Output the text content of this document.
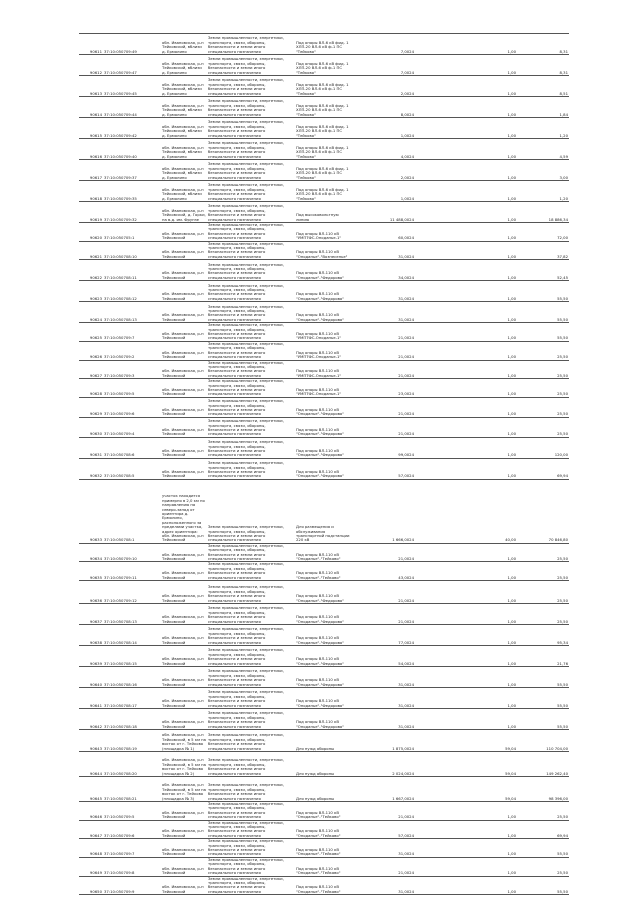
90611	37:10:050709:49	обл. Ивановская, р-н Тейковский, вблизи д. Ермолино	Земли промышленности, энергетики, транспорта, связи, обороны, безопасности и земли иного специального назначения	Под опоры ВЛ-6 кВ фид. 1 ХЛП-20 ВЛ-6 кВ ф-1 ПС "Тейково"	7,0024		1,00	8,31
90612	37:10:050709:47	обл. Ивановская, р-н Тейковский, вблизи д. Ермолино	Земли промышленности, энергетики, транспорта, связи, обороны, безопасности и земли иного специального назначения	Под опоры ВЛ-6 кВ фид. 1 ХЛП-20 ВЛ-6 кВ ф-1 ПС "Тейково"	7,0024		1,00	8,31
90613	37:10:050709:45	обл. Ивановская, р-н Тейковский, вблизи д. Ермолино	Земли промышленности, энергетики, транспорта, связи, обороны, безопасности и земли иного специального назначения	Под опоры ВЛ-6 кВ фид. 1 ХЛП-20 ВЛ-6 кВ ф-1 ПС "Тейково"	2,0024		1,00	8,51
90614	37:10:050709:44	обл. Ивановская, р-н Тейковский, вблизи д. Ермолино	Земли промышленности, энергетики, транспорта, связи, обороны, безопасности и земли иного специального назначения	Под опоры ВЛ-6 кВ фид. 1 ХЛП-20 ВЛ-6 кВ ф-1 ПС "Тейково"	8,0024		1,00	1,84
90615	37:10:050709:42	обл. Ивановская, р-н Тейковский, вблизи д. Ермолино	Земли промышленности, энергетики, транспорта, связи, обороны, безопасности и земли иного специального назначения	Под опоры ВЛ-6 кВ фид. 1 ХЛП-20 ВЛ-6 кВ ф-1 ПС "Тейково"	1,0024		1,00	1,20
90616	37:10:050709:40	обл. Ивановская, р-н Тейковский, вблизи д. Ермолино	Земли промышленности, энергетики, транспорта, связи, обороны, безопасности и земли иного специального назначения	Под опоры ВЛ-6 кВ фид. 1 ХЛП-20 ВЛ-6 кВ ф-1 ПС "Тейково"	4,0024		1,00	4,59
90617	37:10:050709:37	обл. Ивановская, р-н Тейковский, вблизи д. Ермолино	Земли промышленности, энергетики, транспорта, связи, обороны, безопасности и земли иного специального назначения	Под опоры ВЛ-6 кВ фид. 1 ХЛП-20 ВЛ-6 кВ ф-1 ПС "Тейково"	2,0024		1,00	3,00
90618	37:10:050709:35	обл. Ивановская, р-н Тейковский, вблизи д. Ермолино	Земли промышленности, энергетики, транспорта, связи, обороны, безопасности и земли иного специального назначения	Под опоры ВЛ-6 кВ фид. 1 ХЛП-20 ВЛ-6 кВ ф-1 ПС "Тейково"	1,0024		1,00	1,20
90619	37:10:050709:32	обл. Ивановская, р-н Тейковский, д. Горки, на в.д. им. Фрунзе	Земли промышленности, энергетики, транспорта, связи, обороны, безопасности и земли иного специального назначения	Под высоковольтную линию	11 488,0024		1,00	18 886,34
90620	37:10:050705:1	обл. Ивановская, р-н Тейковский	Земли промышленности, энергетики, транспорта, связи, обороны, безопасности и земли иного специального назначения	Под опоры ВЛ-110 кВ "УМПТФС-Оподанье-1"	60,0024		1,00	72,00
90621	37:10:050708:10	обл. Ивановская, р-н Тейковский	Земли промышленности, энергетики, транспорта, связи, обороны, безопасности и земли иного специального назначения	Под опоры ВЛ-110 кВ "Оподанье"-"Вознесенье"	31,0024		1,00	37,82
90622	37:10:050708:11	обл. Ивановская, р-н Тейковский	Земли промышленности, энергетики, транспорта, связи, обороны, безопасности и земли иного специального назначения	Под опоры ВЛ-110 кВ "Оподанье"-"Федорово"	34,0024		1,00	52,45
90623	37:10:050708:12	обл. Ивановская, р-н Тейковский	Земли промышленности, энергетики, транспорта, связи, обороны, безопасности и земли иного специального назначения	Под опоры ВЛ-110 кВ "Оподанье"-"Федорово"	31,0024		1,00	55,50
90624	37:10:050708:13	обл. Ивановская, р-н Тейковский	Земли промышленности, энергетики, транспорта, связи, обороны, безопасности и земли иного специального назначения	Под опоры ВЛ-110 кВ "Оподанье"-"Федорово"	31,0024		1,00	55,50
90625	37:10:050709:7	обл. Ивановская, р-н Тейковский	Земли промышленности, энергетики, транспорта, связи, обороны, безопасности и земли иного специального назначения	Под опоры ВЛ-110 кВ "УМПТФС-Оподанье-1"	21,0024		1,00	55,50
90626	37:10:050709:2	обл. Ивановская, р-н Тейковский	Земли промышленности, энергетики, транспорта, связи, обороны, безопасности и земли иного специального назначения	Под опоры ВЛ-110 кВ "УМПТФС-Оподанье-1"	21,0024		1,00	25,50
90627	37:10:050709:3	обл. Ивановская, р-н Тейковский	Земли промышленности, энергетики, транспорта, связи, обороны, безопасности и земли иного специального назначения	Под опоры ВЛ-110 кВ "УМПТФС-Оподанье-1"	21,0024		1,00	25,50
90628	37:10:050709:5	обл. Ивановская, р-н Тейковский	Земли промышленности, энергетики, транспорта, связи, обороны, безопасности и земли иного специального назначения	Под опоры ВЛ-110 кВ "УМПТФС-Оподанье-1"	23,0024		1,00	25,50
90629	37:10:050709:6	обл. Ивановская, р-н Тейковский	Земли промышленности, энергетики, транспорта, связи, обороны, безопасности и земли иного специального назначения	Под опоры ВЛ-110 кВ "Оподанье"-"Федорово"	21,0024		1,00	25,50
90630	37:10:050709:4	обл. Ивановская, р-н Тейковский	Земли промышленности, энергетики, транспорта, связи, обороны, безопасности и земли иного специального назначения	Под опоры ВЛ-110 кВ "Оподанье"-"Федорово"	21,0024		1,00	25,50
90631	37:10:050708:6	обл. Ивановская, р-н Тейковский	Земли промышленности, энергетики, транспорта, связи, обороны, безопасности и земли иного специального назначения	Под опоры ВЛ-110 кВ "Оподанье"-"Федорово"	99,0024		1,00	120,00
90632	37:10:050708:5	обл. Ивановская, р-н Тейковский	Земли промышленности, энергетики, транспорта, связи, обороны, безопасности и земли иного специального назначения	Под опоры ВЛ-110 кВ "Оподанье"-"Федорово"	57,0024		1,00	69,94
90633	37:10:050708:1	участок находится примерно в 2,0 км по направлению на северо-запад от ориентира д. Ермолино, расположенного за пределами участка, адрес ориентира: обл. Ивановская, р-н Тейковский	Земли промышленности, энергетики, транспорта, связи, обороны, безопасности и земли иного специального назначения	Для размещения и обслуживания транспортной подстанции 220 кВ	1 666,0024		40,00	70 846,80
90634	37:10:050709:10	обл. Ивановская, р-н Тейковский	Земли промышленности, энергетики, транспорта, связи, обороны, безопасности и земли иного специального назначения	Под опоры ВЛ-110 кВ "Оподанье"-"Тейково"	21,0024		1,00	25,50
90635	37:10:050709:11	обл. Ивановская, р-н Тейковский	Земли промышленности, энергетики, транспорта, связи, обороны, безопасности и земли иного специального назначения	Под опоры ВЛ-110 кВ "Оподанье"-"Тейково"	43,0024		1,00	25,50
90636	37:10:050709:12	обл. Ивановская, р-н Тейковский	Земли промышленности, энергетики, транспорта, связи, обороны, безопасности и земли иного специального назначения	Под опоры ВЛ-110 кВ "Оподанье"-"Федорово"	21,0024		1,00	25,50
90637	37:10:050708:13	обл. Ивановская, р-н Тейковский	Земли промышленности, энергетики, транспорта, связи, обороны, безопасности и земли иного специального назначения	Под опоры ВЛ-110 кВ "Оподанье"-"Федорово"	21,0024		1,00	25,50
90638	37:10:050708:14	обл. Ивановская, р-н Тейковский	Земли промышленности, энергетики, транспорта, связи, обороны, безопасности и земли иного специального назначения	Под опоры ВЛ-110 кВ "Оподанье"-"Федорово"	77,0024		1,00	95,34
90639	37:10:050708:15	обл. Ивановская, р-н Тейковский	Земли промышленности, энергетики, транспорта, связи, обороны, безопасности и земли иного специального назначения	Под опоры ВЛ-110 кВ "Оподанье"-"Федорово"	54,0024		1,00	21,76
90640	37:10:050708:16	обл. Ивановская, р-н Тейковский	Земли промышленности, энергетики, транспорта, связи, обороны, безопасности и земли иного специального назначения	Под опоры ВЛ-110 кВ "Оподанье"-"Федорово"	31,0024		1,00	55,50
90641	37:10:050708:17	обл. Ивановская, р-н Тейковский	Земли промышленности, энергетики, транспорта, связи, обороны, безопасности и земли иного специального назначения	Под опоры ВЛ-110 кВ "Оподанье"-"Федорово"	31,0024		1,00	55,50
90642	37:10:050708:18	обл. Ивановская, р-н Тейковский	Земли промышленности, энергетики, транспорта, связи, обороны, безопасности и земли иного специального назначения	Под опоры ВЛ-110 кВ "Оподанье"-"Федорово"	31,0024		1,00	55,50
90643	37:10:050708:19	обл. Ивановская, р-н Тейковский, в 5 км на восток от г. Тейково (площадка № 1)	Земли промышленности, энергетики, транспорта, связи, обороны, безопасности и земли иного специального назначения	Для нужд обороны	1 875,0024		59,04	110 704,00
90644	37:10:050708:20	обл. Ивановская, р-н Тейковский, в 5 км на восток от г. Тейково (площадка № 2)	Земли промышленности, энергетики, транспорта, связи, обороны, безопасности и земли иного специального назначения	Для нужд обороны	2 024,0024		59,04	149 262,40
90645	37:10:050708:21	обл. Ивановская, р-н Тейковский, в 5 км на восток от г. Тейково (площадка № 3)	Земли промышленности, энергетики, транспорта, связи, обороны, безопасности и земли иного специального назначения	Для нужд обороны	1 667,0024		59,04	98 396,00
90646	37:10:050709:5	обл. Ивановская, р-н Тейковский	Земли промышленности, энергетики, транспорта, связи, обороны, безопасности и земли иного специального назначения	Под опоры ВЛ-110 кВ "Оподанье"-"Тейково"	21,0024		1,00	25,50
90647	37:10:050709:6	обл. Ивановская, р-н Тейковский	Земли промышленности, энергетики, транспорта, связи, обороны, безопасности и земли иного специального назначения	Под опоры ВЛ-110 кВ "Оподанье"-"Тейково"	57,0024		1,00	69,94
90648	37:10:050709:7	обл. Ивановская, р-н Тейковский	Земли промышленности, энергетики, транспорта, связи, обороны, безопасности и земли иного специального назначения	Под опоры ВЛ-110 кВ "Оподанье"-"Тейково"	31,0024		1,00	55,50
90649	37:10:050709:8	обл. Ивановская, р-н Тейковский	Земли промышленности, энергетики, транспорта, связи, обороны, безопасности и земли иного специального назначения	Под опоры ВЛ-110 кВ "Оподанье"-"Тейково"	21,0024		1,00	25,50
90650	37:10:050709:9	обл. Ивановская, р-н Тейковский	Земли промышленности, энергетики, транспорта, связи, обороны, безопасности и земли иного специального назначения	Под опоры ВЛ-110 кВ "Оподанье"-"Тейково"	31,0024		1,00	55,50
